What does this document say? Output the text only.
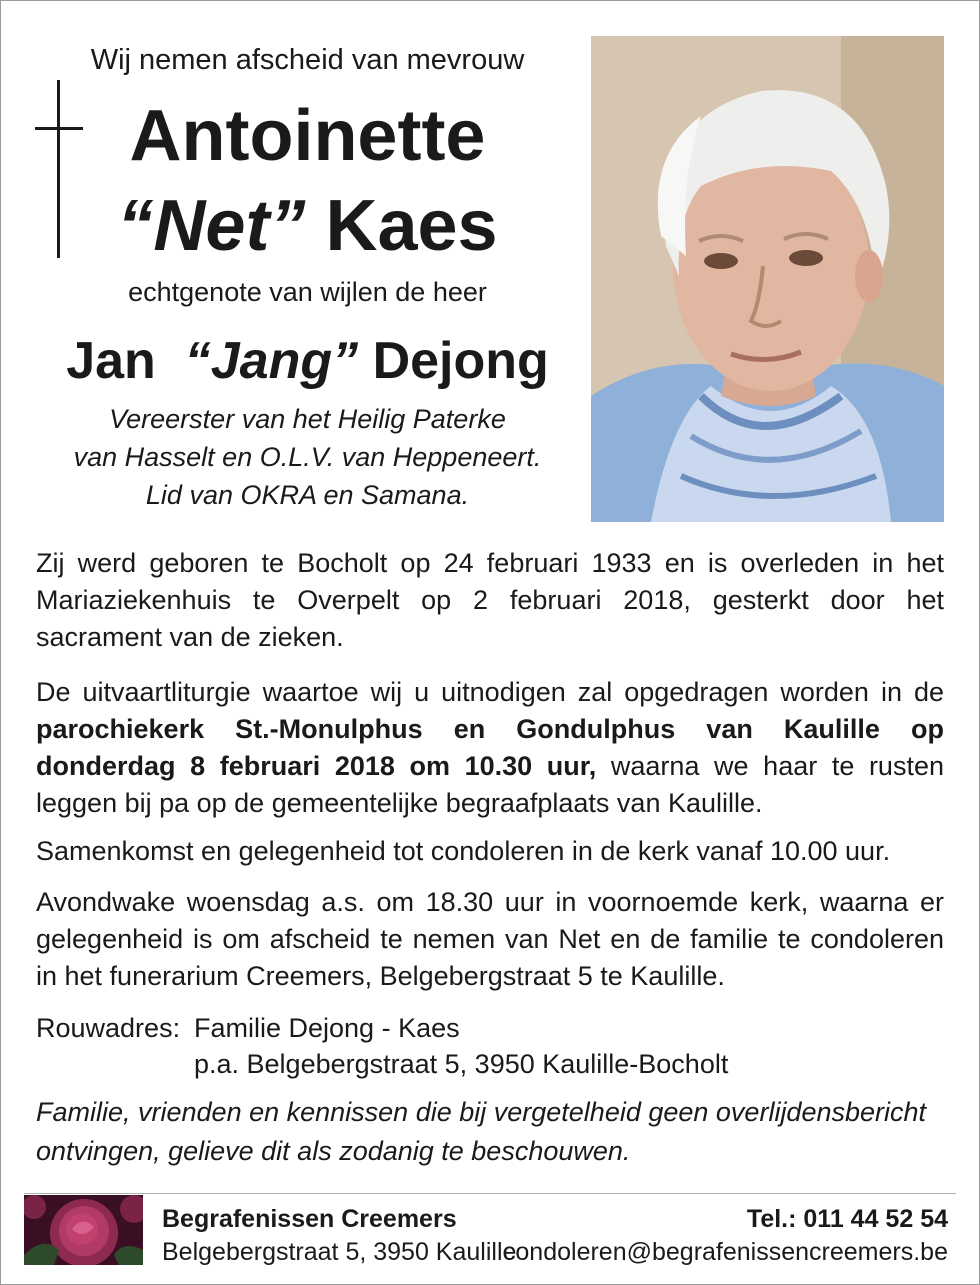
Wij nemen afscheid van mevrouw
Antoinette
“Net” Kaes
echtgenote van wijlen de heer
Jan “Jang” Dejong
Vereerster van het Heilig Paterke
van Hasselt en O.L.V. van Heppeneert.
Lid van OKRA en Samana.
Zij werd geboren te Bocholt op 24 februari 1933 en is overleden in het Mariaziekenhuis te Overpelt op 2 februari 2018, gesterkt door het sacrament van de zieken.
De uitvaartliturgie waartoe wij u uitnodigen zal opgedragen worden in de parochiekerk St.-Monulphus en Gondulphus van Kaulille op donderdag 8 februari 2018 om 10.30 uur, waarna we haar te rusten leggen bij pa op de gemeentelijke begraafplaats van Kaulille.
Samenkomst en gelegenheid tot condoleren in de kerk vanaf 10.00 uur.
Avondwake woensdag a.s. om 18.30 uur in voornoemde kerk, waarna er gelegenheid is om afscheid te nemen van Net en de familie te condoleren in het funerarium Creemers, Belgebergstraat 5 te Kaulille.
Rouwadres: Familie Dejong - Kaes
p.a. Belgebergstraat 5, 3950 Kaulille-Bocholt
Familie, vrienden en kennissen die bij vergetelheid geen overlijdensbericht ontvingen, gelieve dit als zodanig te beschouwen.
Begrafenissen Creemers
Belgebergstraat 5, 3950 Kaulille
Tel.: 011 44 52 54
condoleren@begrafenissencreemers.be
